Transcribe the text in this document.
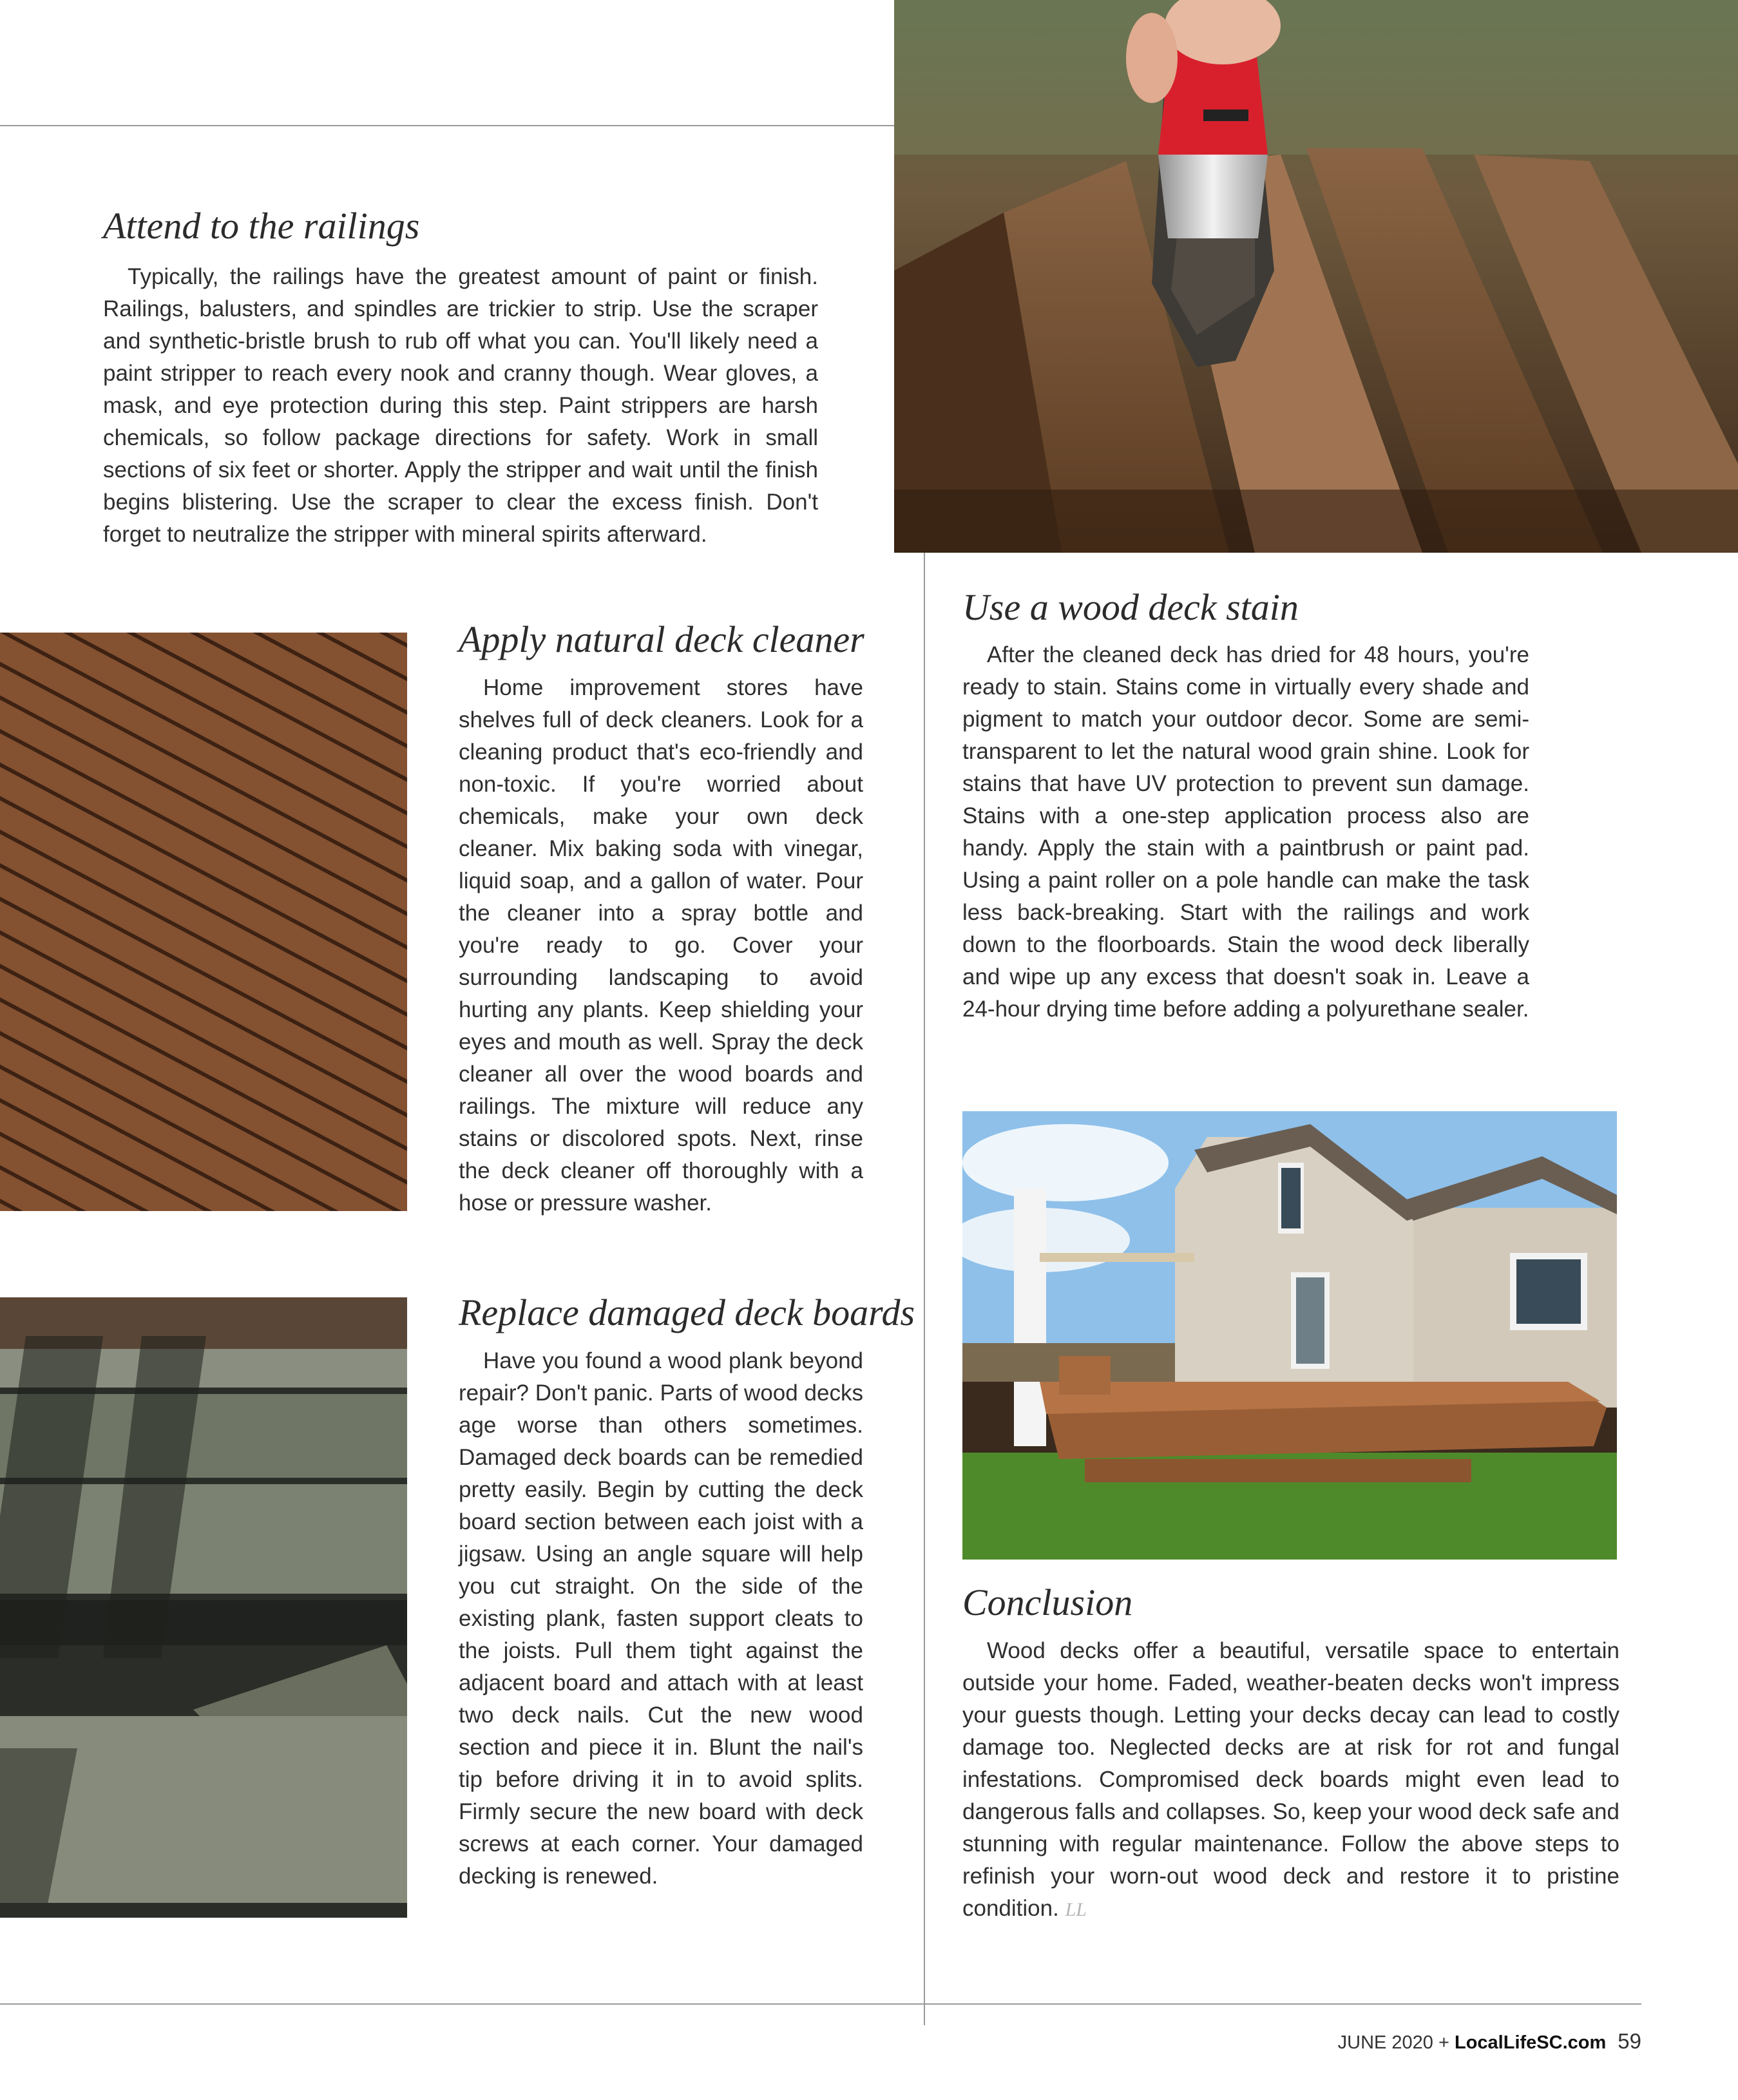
Attend to the railings

Typically, the railings have the greatest amount of paint or finish. Railings, balusters, and spindles are trickier to strip. Use the scraper and synthetic-bristle brush to rub off what you can. You'll likely need a paint stripper to reach every nook and cranny though. Wear gloves, a mask, and eye protection during this step. Paint strippers are harsh chemicals, so follow package directions for safety. Work in small sections of six feet or shorter. Apply the stripper and wait until the finish begins blistering. Use the scraper to clear the excess finish. Don't forget to neutralize the stripper with mineral spirits afterward.

Use a wood deck stain

After the cleaned deck has dried for 48 hours, you're ready to stain. Stains come in virtually every shade and pigment to match your outdoor decor. Some are semi-transparent to let the natural wood grain shine. Look for stains that have UV protection to prevent sun damage. Stains with a one-step application process also are handy. Apply the stain with a paintbrush or paint pad. Using a paint roller on a pole handle can make the task less back-breaking. Start with the railings and work down to the floorboards. Stain the wood deck liberally and wipe up any excess that doesn't soak in. Leave a 24-hour drying time before adding a polyurethane sealer.

Apply natural deck cleaner

Home improvement stores have shelves full of deck cleaners. Look for a cleaning product that's eco-friendly and non-toxic. If you're worried about chemicals, make your own deck cleaner. Mix baking soda with vinegar, liquid soap, and a gallon of water. Pour the cleaner into a spray bottle and you're ready to go. Cover your surrounding landscaping to avoid hurting any plants. Keep shielding your eyes and mouth as well. Spray the deck cleaner all over the wood boards and railings. The mixture will reduce any stains or discolored spots. Next, rinse the deck cleaner off thoroughly with a hose or pressure washer.

Replace damaged deck boards

Have you found a wood plank beyond repair? Don't panic. Parts of wood decks age worse than others sometimes. Damaged deck boards can be remedied pretty easily. Begin by cutting the deck board section between each joist with a jigsaw. Using an angle square will help you cut straight. On the side of the existing plank, fasten support cleats to the joists. Pull them tight against the adjacent board and attach with at least two deck nails. Cut the new wood section and piece it in. Blunt the nail's tip before driving it in to avoid splits. Firmly secure the new board with deck screws at each corner. Your damaged decking is renewed.

Conclusion

Wood decks offer a beautiful, versatile space to entertain outside your home. Faded, weather-beaten decks won't impress your guests though. Letting your decks decay can lead to costly damage too. Neglected decks are at risk for rot and fungal infestations. Compromised deck boards might even lead to dangerous falls and collapses. So, keep your wood deck safe and stunning with regular maintenance. Follow the above steps to refinish your worn-out wood deck and restore it to pristine condition. LL

JUNE 2020 + LocalLifeSC.com 59
